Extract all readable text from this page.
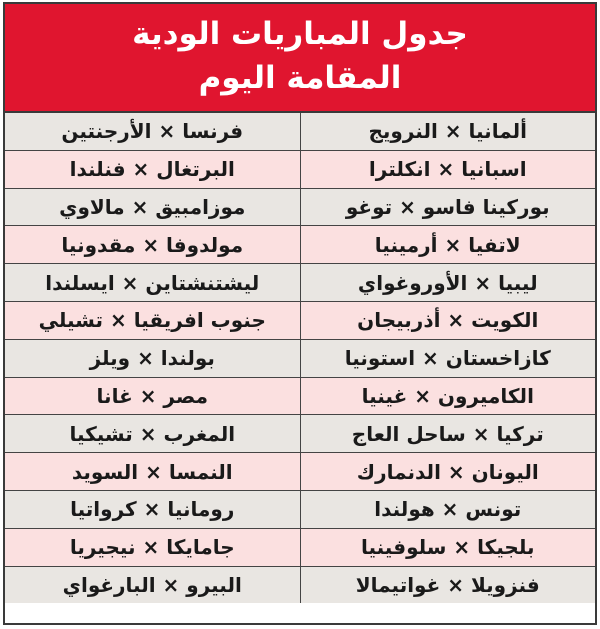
جدول المباريات الودية
المقامة اليوم
ألمانيا × النرويج	فرنسا × الأرجنتين
اسبانيا × انكلترا	البرتغال × فنلندا
بوركينا فاسو × توغو	موزامبيق × مالاوي
لاتفيا × أرمينيا	مولدوفا × مقدونيا
ليبيا × الأوروغواي	ليشتنشتاين × ايسلندا
الكويت × أذربيجان	جنوب افريقيا × تشيلي
كازاخستان × استونيا	بولندا × ويلز
الكاميرون × غينيا	مصر × غانا
تركيا × ساحل العاج	المغرب × تشيكيا
اليونان × الدنمارك	النمسا × السويد
تونس × هولندا	رومانيا × كرواتيا
بلجيكا × سلوفينيا	جامايكا × نيجيريا
فنزويلا × غواتيمالا	البيرو × البارغواي
